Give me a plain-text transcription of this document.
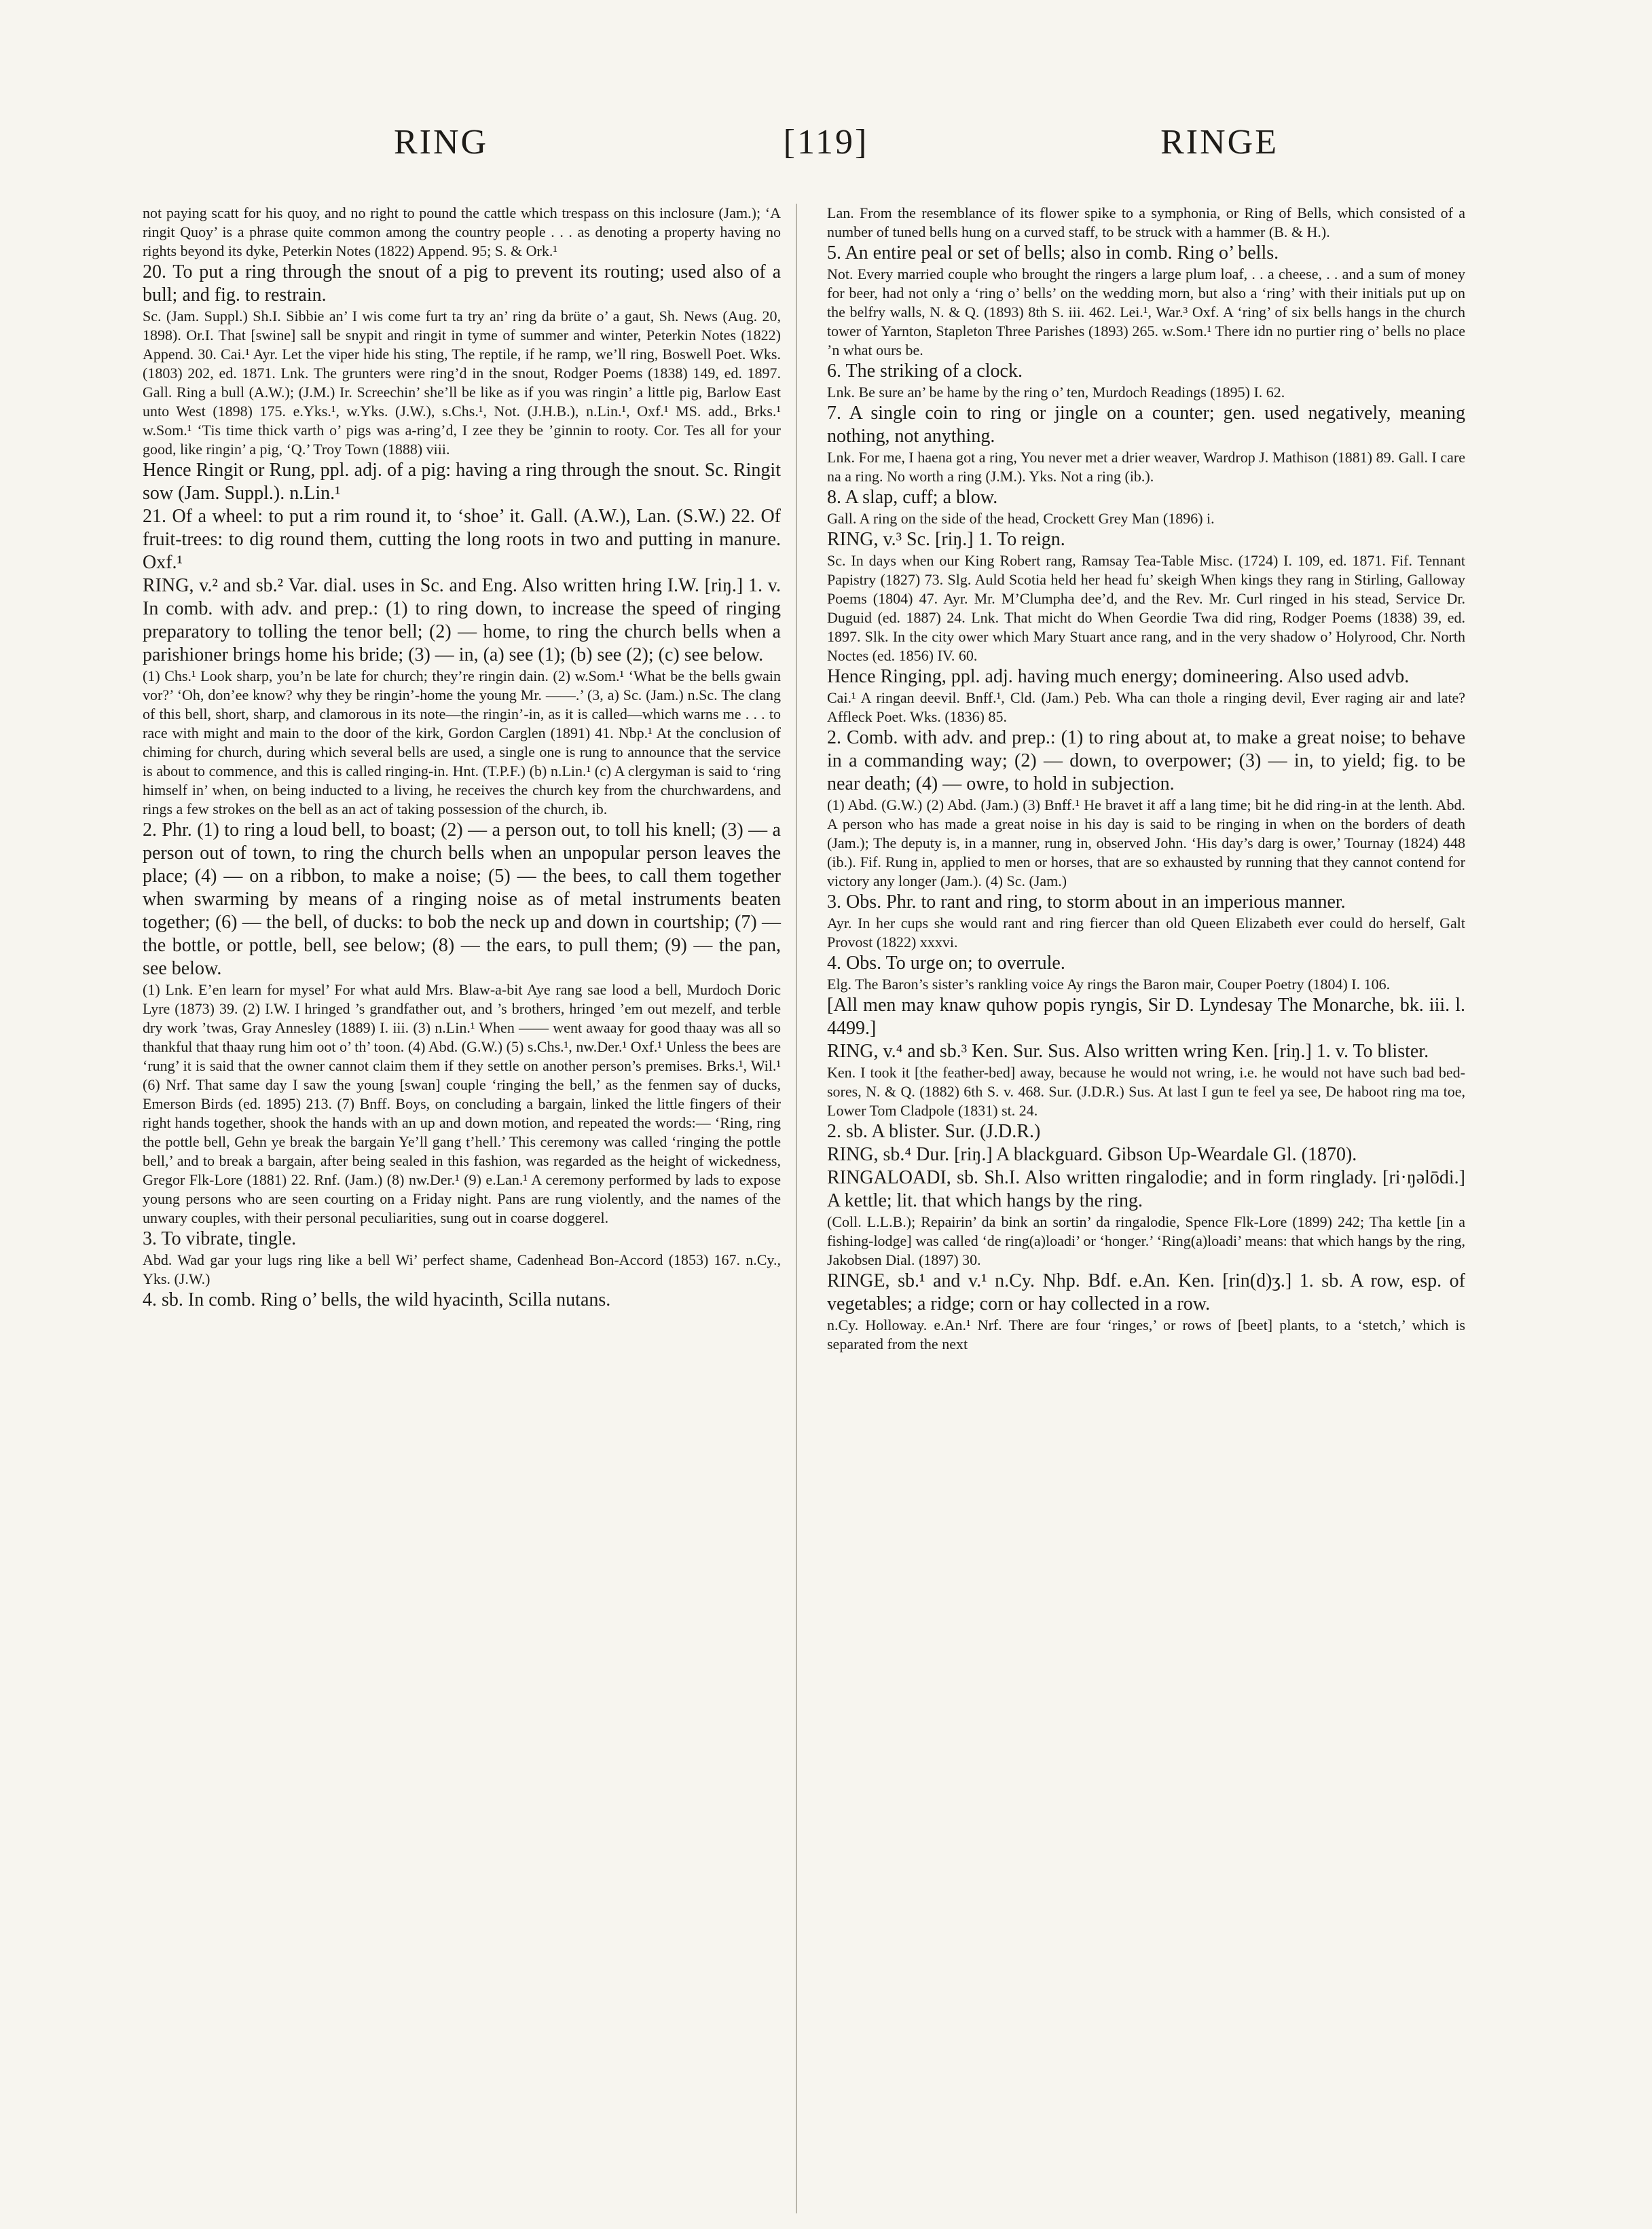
RING	[119]	RINGE

not paying scatt for his quoy, and no right to pound the cattle which trespass on this inclosure (Jam.); ‘A ringit Quoy’ is a phrase quite common among the country people . . . as denoting a property having no rights beyond its dyke, Peterkin Notes (1822) Append. 95; S. & Ork.¹

20. To put a ring through the snout of a pig to prevent its routing; used also of a bull; and fig. to restrain.

Sc. (Jam. Suppl.) Sh.I. Sibbie an’ I wis come furt ta try an’ ring da brüte o’ a gaut, Sh. News (Aug. 20, 1898). Or.I. That [swine] sall be snypit and ringit in tyme of summer and winter, Peterkin Notes (1822) Append. 30. Cai.¹ Ayr. Let the viper hide his sting, The reptile, if he ramp, we’ll ring, Boswell Poet. Wks. (1803) 202, ed. 1871. Lnk. The grunters were ring’d in the snout, Rodger Poems (1838) 149, ed. 1897. Gall. Ring a bull (A.W.); (J.M.) Ir. Screechin’ she’ll be like as if you was ringin’ a little pig, Barlow East unto West (1898) 175. e.Yks.¹, w.Yks. (J.W.), s.Chs.¹, Not. (J.H.B.), n.Lin.¹, Oxf.¹ MS. add., Brks.¹ w.Som.¹ ‘Tis time thick varth o’ pigs was a-ring’d, I zee they be ’ginnin to rooty. Cor. Tes all for your good, like ringin’ a pig, ‘Q.’ Troy Town (1888) viii.

Hence Ringit or Rung, ppl. adj. of a pig: having a ring through the snout. Sc. Ringit sow (Jam. Suppl.). n.Lin.¹

21. Of a wheel: to put a rim round it, to ‘shoe’ it. Gall. (A.W.), Lan. (S.W.) 22. Of fruit-trees: to dig round them, cutting the long roots in two and putting in manure. Oxf.¹

RING, v.² and sb.² Var. dial. uses in Sc. and Eng. Also written hring I.W. [riŋ.] 1. v. In comb. with adv. and prep.: (1) to ring down, to increase the speed of ringing preparatory to tolling the tenor bell; (2) — home, to ring the church bells when a parishioner brings home his bride; (3) — in, (a) see (1); (b) see (2); (c) see below.

(1) Chs.¹ Look sharp, you’n be late for church; they’re ringin dain. (2) w.Som.¹ ‘What be the bells gwain vor?’ ‘Oh, don’ee know? why they be ringin’-home the young Mr. ——.’ (3, a) Sc. (Jam.) n.Sc. The clang of this bell, short, sharp, and clamorous in its note—the ringin’-in, as it is called—which warns me . . . to race with might and main to the door of the kirk, Gordon Carglen (1891) 41. Nbp.¹ At the conclusion of chiming for church, during which several bells are used, a single one is rung to announce that the service is about to commence, and this is called ringing-in. Hnt. (T.P.F.) (b) n.Lin.¹ (c) A clergyman is said to ‘ring himself in’ when, on being inducted to a living, he receives the church key from the churchwardens, and rings a few strokes on the bell as an act of taking possession of the church, ib.

2. Phr. (1) to ring a loud bell, to boast; (2) — a person out, to toll his knell; (3) — a person out of town, to ring the church bells when an unpopular person leaves the place; (4) — on a ribbon, to make a noise; (5) — the bees, to call them together when swarming by means of a ringing noise as of metal instruments beaten together; (6) — the bell, of ducks: to bob the neck up and down in courtship; (7) — the bottle, or pottle, bell, see below; (8) — the ears, to pull them; (9) — the pan, see below.

(1) Lnk. E’en learn for mysel’ For what auld Mrs. Blaw-a-bit Aye rang sae lood a bell, Murdoch Doric Lyre (1873) 39. (2) I.W. I hringed ’s grandfather out, and ’s brothers, hringed ’em out mezelf, and terble dry work ’twas, Gray Annesley (1889) I. iii. (3) n.Lin.¹ When —— went awaay for good thaay was all so thankful that thaay rung him oot o’ th’ toon. (4) Abd. (G.W.) (5) s.Chs.¹, nw.Der.¹ Oxf.¹ Unless the bees are ‘rung’ it is said that the owner cannot claim them if they settle on another person’s premises. Brks.¹, Wil.¹ (6) Nrf. That same day I saw the young [swan] couple ‘ringing the bell,’ as the fenmen say of ducks, Emerson Birds (ed. 1895) 213. (7) Bnff. Boys, on concluding a bargain, linked the little fingers of their right hands together, shook the hands with an up and down motion, and repeated the words:— ‘Ring, ring the pottle bell, Gehn ye break the bargain Ye’ll gang t’hell.’ This ceremony was called ‘ringing the pottle bell,’ and to break a bargain, after being sealed in this fashion, was regarded as the height of wickedness, Gregor Flk-Lore (1881) 22. Rnf. (Jam.) (8) nw.Der.¹ (9) e.Lan.¹ A ceremony performed by lads to expose young persons who are seen courting on a Friday night. Pans are rung violently, and the names of the unwary couples, with their personal peculiarities, sung out in coarse doggerel.

3. To vibrate, tingle.

Abd. Wad gar your lugs ring like a bell Wi’ perfect shame, Cadenhead Bon-Accord (1853) 167. n.Cy., Yks. (J.W.)

4. sb. In comb. Ring o’ bells, the wild hyacinth, Scilla nutans.

Lan. From the resemblance of its flower spike to a symphonia, or Ring of Bells, which consisted of a number of tuned bells hung on a curved staff, to be struck with a hammer (B. & H.).

5. An entire peal or set of bells; also in comb. Ring o’ bells.

Not. Every married couple who brought the ringers a large plum loaf, . . a cheese, . . and a sum of money for beer, had not only a ‘ring o’ bells’ on the wedding morn, but also a ‘ring’ with their initials put up on the belfry walls, N. & Q. (1893) 8th S. iii. 462. Lei.¹, War.³ Oxf. A ‘ring’ of six bells hangs in the church tower of Yarnton, Stapleton Three Parishes (1893) 265. w.Som.¹ There idn no purtier ring o’ bells no place ’n what ours be.

6. The striking of a clock.

Lnk. Be sure an’ be hame by the ring o’ ten, Murdoch Readings (1895) I. 62.

7. A single coin to ring or jingle on a counter; gen. used negatively, meaning nothing, not anything.

Lnk. For me, I haena got a ring, You never met a drier weaver, Wardrop J. Mathison (1881) 89. Gall. I care na a ring. No worth a ring (J.M.). Yks. Not a ring (ib.).

8. A slap, cuff; a blow.

Gall. A ring on the side of the head, Crockett Grey Man (1896) i.

RING, v.³ Sc. [riŋ.] 1. To reign.

Sc. In days when our King Robert rang, Ramsay Tea-Table Misc. (1724) I. 109, ed. 1871. Fif. Tennant Papistry (1827) 73. Slg. Auld Scotia held her head fu’ skeigh When kings they rang in Stirling, Galloway Poems (1804) 47. Ayr. Mr. M’Clumpha dee’d, and the Rev. Mr. Curl ringed in his stead, Service Dr. Duguid (ed. 1887) 24. Lnk. That micht do When Geordie Twa did ring, Rodger Poems (1838) 39, ed. 1897. Slk. In the city ower which Mary Stuart ance rang, and in the very shadow o’ Holyrood, Chr. North Noctes (ed. 1856) IV. 60.

Hence Ringing, ppl. adj. having much energy; domineering. Also used advb.

Cai.¹ A ringan deevil. Bnff.¹, Cld. (Jam.) Peb. Wha can thole a ringing devil, Ever raging air and late? Affleck Poet. Wks. (1836) 85.

2. Comb. with adv. and prep.: (1) to ring about at, to make a great noise; to behave in a commanding way; (2) — down, to overpower; (3) — in, to yield; fig. to be near death; (4) — owre, to hold in subjection.

(1) Abd. (G.W.) (2) Abd. (Jam.) (3) Bnff.¹ He bravet it aff a lang time; bit he did ring-in at the lenth. Abd. A person who has made a great noise in his day is said to be ringing in when on the borders of death (Jam.); The deputy is, in a manner, rung in, observed John. ‘His day’s darg is ower,’ Tournay (1824) 448 (ib.). Fif. Rung in, applied to men or horses, that are so exhausted by running that they cannot contend for victory any longer (Jam.). (4) Sc. (Jam.)

3. Obs. Phr. to rant and ring, to storm about in an imperious manner.

Ayr. In her cups she would rant and ring fiercer than old Queen Elizabeth ever could do herself, Galt Provost (1822) xxxvi.

4. Obs. To urge on; to overrule.

Elg. The Baron’s sister’s rankling voice Ay rings the Baron mair, Couper Poetry (1804) I. 106.

[All men may knaw quhow popis ryngis, Sir D. Lyndesay The Monarche, bk. iii. l. 4499.]

RING, v.⁴ and sb.³ Ken. Sur. Sus. Also written wring Ken. [riŋ.] 1. v. To blister.

Ken. I took it [the feather-bed] away, because he would not wring, i.e. he would not have such bad bed-sores, N. & Q. (1882) 6th S. v. 468. Sur. (J.D.R.) Sus. At last I gun te feel ya see, De haboot ring ma toe, Lower Tom Cladpole (1831) st. 24.

2. sb. A blister. Sur. (J.D.R.)

RING, sb.⁴ Dur. [riŋ.] A blackguard. Gibson Up-Weardale Gl. (1870).

RINGALOADI, sb. Sh.I. Also written ringalodie; and in form ringlady. [ri·ŋəlōdi.] A kettle; lit. that which hangs by the ring.

(Coll. L.L.B.); Repairin’ da bink an sortin’ da ringalodie, Spence Flk-Lore (1899) 242; Tha kettle [in a fishing-lodge] was called ‘de ring(a)loadi’ or ‘honger.’ ‘Ring(a)loadi’ means: that which hangs by the ring, Jakobsen Dial. (1897) 30.

RINGE, sb.¹ and v.¹ n.Cy. Nhp. Bdf. e.An. Ken. [rin(d)ʒ.] 1. sb. A row, esp. of vegetables; a ridge; corn or hay collected in a row.

n.Cy. Holloway. e.An.¹ Nrf. There are four ‘ringes,’ or rows of [beet] plants, to a ‘stetch,’ which is separated from the next
